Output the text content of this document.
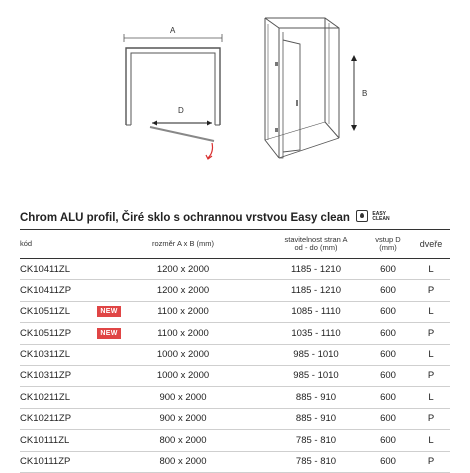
A
D
B
Chrom ALU profil, Čiré sklo s ochrannou vrstvou Easy clean	EASY
CLEAN
kód	rozměr A x B (mm)	stavitelnost stran A
od - do (mm)
vstup D
(mm)	dveře
CK10411ZL	1200 x 2000	1185 - 1210	600	L
CK10411ZP	1200 x 2000	1185 - 1210	600	P
CK10511ZL	NEW	1100 x 2000	1085 - 1110	600	L
CK10511ZP	NEW	1100 x 2000	1035 - 1110	600	P
CK10311ZL	1000 x 2000	985 - 1010	600	L
CK10311ZP	1000 x 2000	985 - 1010	600	P
CK10211ZL	900 x 2000	885 - 910	600	L
CK10211ZP	900 x 2000	885 - 910	600	P
CK10111ZL	800 x 2000	785 - 810	600	L
CK10111ZP	800 x 2000	785 - 810	600	P
